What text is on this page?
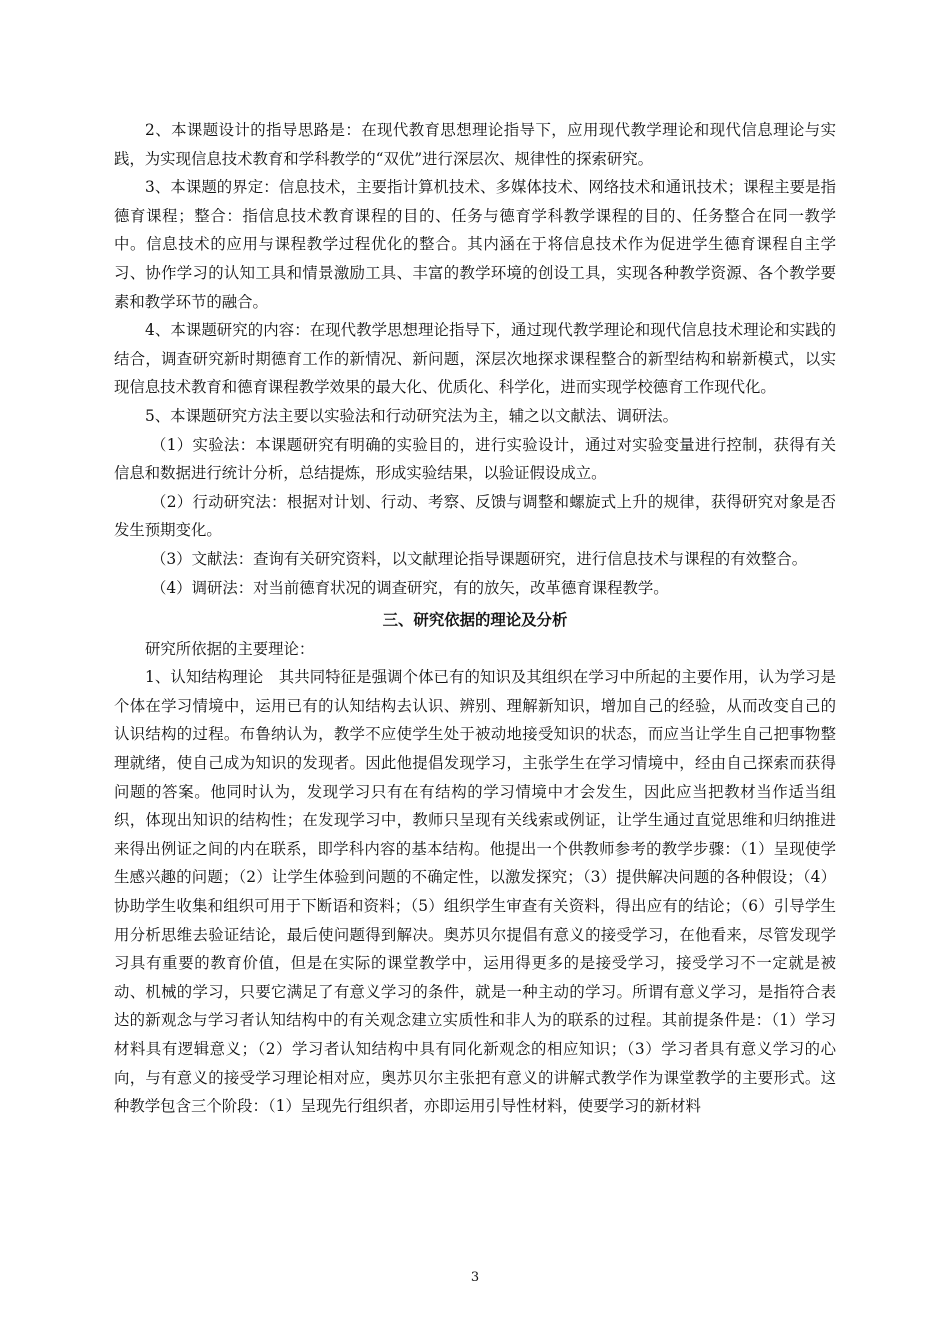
2、本课题设计的指导思路是：在现代教育思想理论指导下，应用现代教学理论和现代信息理论与实践，为实现信息技术教育和学科教学的“双优”进行深层次、规律性的探索研究。

3、本课题的界定：信息技术，主要指计算机技术、多媒体技术、网络技术和通讯技术；课程主要是指德育课程；整合：指信息技术教育课程的目的、任务与德育学科教学课程的目的、任务整合在同一教学中。信息技术的应用与课程教学过程优化的整合。其内涵在于将信息技术作为促进学生德育课程自主学习、协作学习的认知工具和情景激励工具、丰富的教学环境的创设工具，实现各种教学资源、各个教学要素和教学环节的融合。

4、本课题研究的内容：在现代教学思想理论指导下，通过现代教学理论和现代信息技术理论和实践的结合，调查研究新时期德育工作的新情况、新问题，深层次地探求课程整合的新型结构和崭新模式，以实现信息技术教育和德育课程教学效果的最大化、优质化、科学化，进而实现学校德育工作现代化。

5、本课题研究方法主要以实验法和行动研究法为主，辅之以文献法、调研法。

（1）实验法：本课题研究有明确的实验目的，进行实验设计，通过对实验变量进行控制，获得有关信息和数据进行统计分析，总结提炼，形成实验结果，以验证假设成立。

（2）行动研究法：根据对计划、行动、考察、反馈与调整和螺旋式上升的规律，获得研究对象是否发生预期变化。

（3）文献法：查询有关研究资料，以文献理论指导课题研究，进行信息技术与课程的有效整合。

（4）调研法：对当前德育状况的调查研究，有的放矢，改革德育课程教学。

三、研究依据的理论及分析

研究所依据的主要理论：

1、认知结构理论　其共同特征是强调个体已有的知识及其组织在学习中所起的主要作用，认为学习是个体在学习情境中，运用已有的认知结构去认识、辨别、理解新知识，增加自己的经验，从而改变自己的认识结构的过程。布鲁纳认为，教学不应使学生处于被动地接受知识的状态，而应当让学生自己把事物整理就绪，使自己成为知识的发现者。因此他提倡发现学习，主张学生在学习情境中，经由自己探索而获得问题的答案。他同时认为，发现学习只有在有结构的学习情境中才会发生，因此应当把教材当作适当组织，体现出知识的结构性；在发现学习中，教师只呈现有关线索或例证，让学生通过直觉思维和归纳推进来得出例证之间的内在联系，即学科内容的基本结构。他提出一个供教师参考的教学步骤：（1）呈现使学生感兴趣的问题；（2）让学生体验到问题的不确定性，以激发探究；（3）提供解决问题的各种假设；（4）协助学生收集和组织可用于下断语和资料；（5）组织学生审查有关资料，得出应有的结论；（6）引导学生用分析思维去验证结论，最后使问题得到解决。奥苏贝尔提倡有意义的接受学习，在他看来，尽管发现学习具有重要的教育价值，但是在实际的课堂教学中，运用得更多的是接受学习，接受学习不一定就是被动、机械的学习，只要它满足了有意义学习的条件，就是一种主动的学习。所谓有意义学习，是指符合表达的新观念与学习者认知结构中的有关观念建立实质性和非人为的联系的过程。其前提条件是：（1）学习材料具有逻辑意义；（2）学习者认知结构中具有同化新观念的相应知识；（3）学习者具有意义学习的心向，与有意义的接受学习理论相对应，奥苏贝尔主张把有意义的讲解式教学作为课堂教学的主要形式。这种教学包含三个阶段：（1）呈现先行组织者，亦即运用引导性材料，使要学习的新材料

3
